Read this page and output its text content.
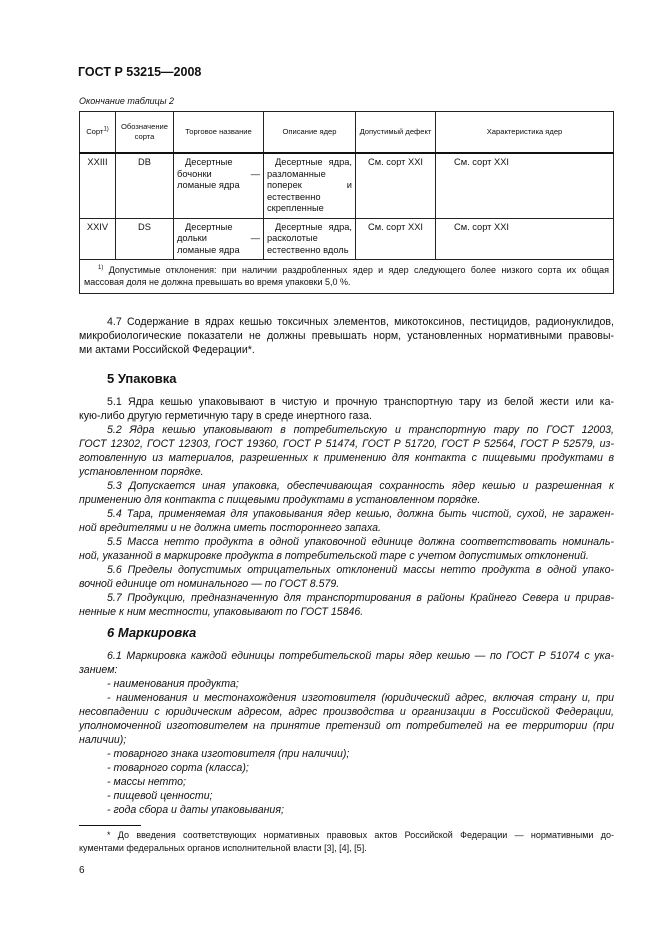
ГОСТ Р 53215—2008
Окончание таблицы 2
Сорт$^{1)}$	Обозначение сорта	Торговое название	Описание ядер	Допустимый дефект	Характеристика ядер
XXIII	DB	Десертные бочонки — ломаные ядра	Десертные ядра, разломанные поперек и естественно скрепленные	См. сорт XXI	См. сорт XXI
XXIV	DS	Десертные дольки — ломаные ядра	Десертные ядра, расколотые естественно вдоль	См. сорт XXI	См. сорт XXI
$^{1)}$ Допустимые отклонения: при наличии раздробленных ядер и ядер следующего более низкого сорта их общая массовая доля не должна превышать во время упаковки 5,0 %.					
4.7 Содержание в ядрах кешью токсичных элементов, микотоксинов, пестицидов, радионуклидов,
микробиологические показатели не должны превышать норм, установленных нормативными правовы-
ми актами Российской Федерации*.
5 Упаковка
5.1 Ядра кешью упаковывают в чистую и прочную транспортную тару из белой жести или ка-
кую-либо другую герметичную тару в среде инертного газа.
5.2 Ядра кешью упаковывают в потребительскую и транспортную тару по ГОСТ 12003,
ГОСТ 12302, ГОСТ 12303, ГОСТ 19360, ГОСТ Р 51474, ГОСТ Р 51720, ГОСТ Р 52564, ГОСТ Р 52579, из-
готовленную из материалов, разрешенных к применению для контакта с пищевыми продуктами в
установленном порядке.
5.3 Допускается иная упаковка, обеспечивающая сохранность ядер кешью и разрешенная к
применению для контакта с пищевыми продуктами в установленном порядке.
5.4 Тара, применяемая для упаковывания ядер кешью, должна быть чистой, сухой, не заражен-
ной вредителями и не должна иметь постороннего запаха.
5.5 Масса нетто продукта в одной упаковочной единице должна соответствовать номиналь-
ной, указанной в маркировке продукта в потребительской таре с учетом допустимых отклонений.
5.6 Пределы допустимых отрицательных отклонений массы нетто продукта в одной упако-
вочной единице от номинального — по ГОСТ 8.579.
5.7 Продукцию, предназначенную для транспортирования в районы Крайнего Севера и прирав-
ненные к ним местности, упаковывают по ГОСТ 15846.
6 Маркировка
6.1 Маркировка каждой единицы потребительской тары ядер кешью — по ГОСТ Р 51074 с ука-
занием:
- наименования продукта;
- наименования и местонахождения изготовителя (юридический адрес, включая страну и, при
несовпадении с юридическим адресом, адрес производства и организации в Российской Федерации,
уполномоченной изготовителем на принятие претензий от потребителей на ее территории (при
наличии);
- товарного знака изготовителя (при наличии);
- товарного сорта (класса);
- массы нетто;
- пищевой ценности;
- года сбора и даты упаковывания;
* До введения соответствующих нормативных правовых актов Российской Федерации — нормативными до-
кументами федеральных органов исполнительной власти [3], [4], [5].
6
